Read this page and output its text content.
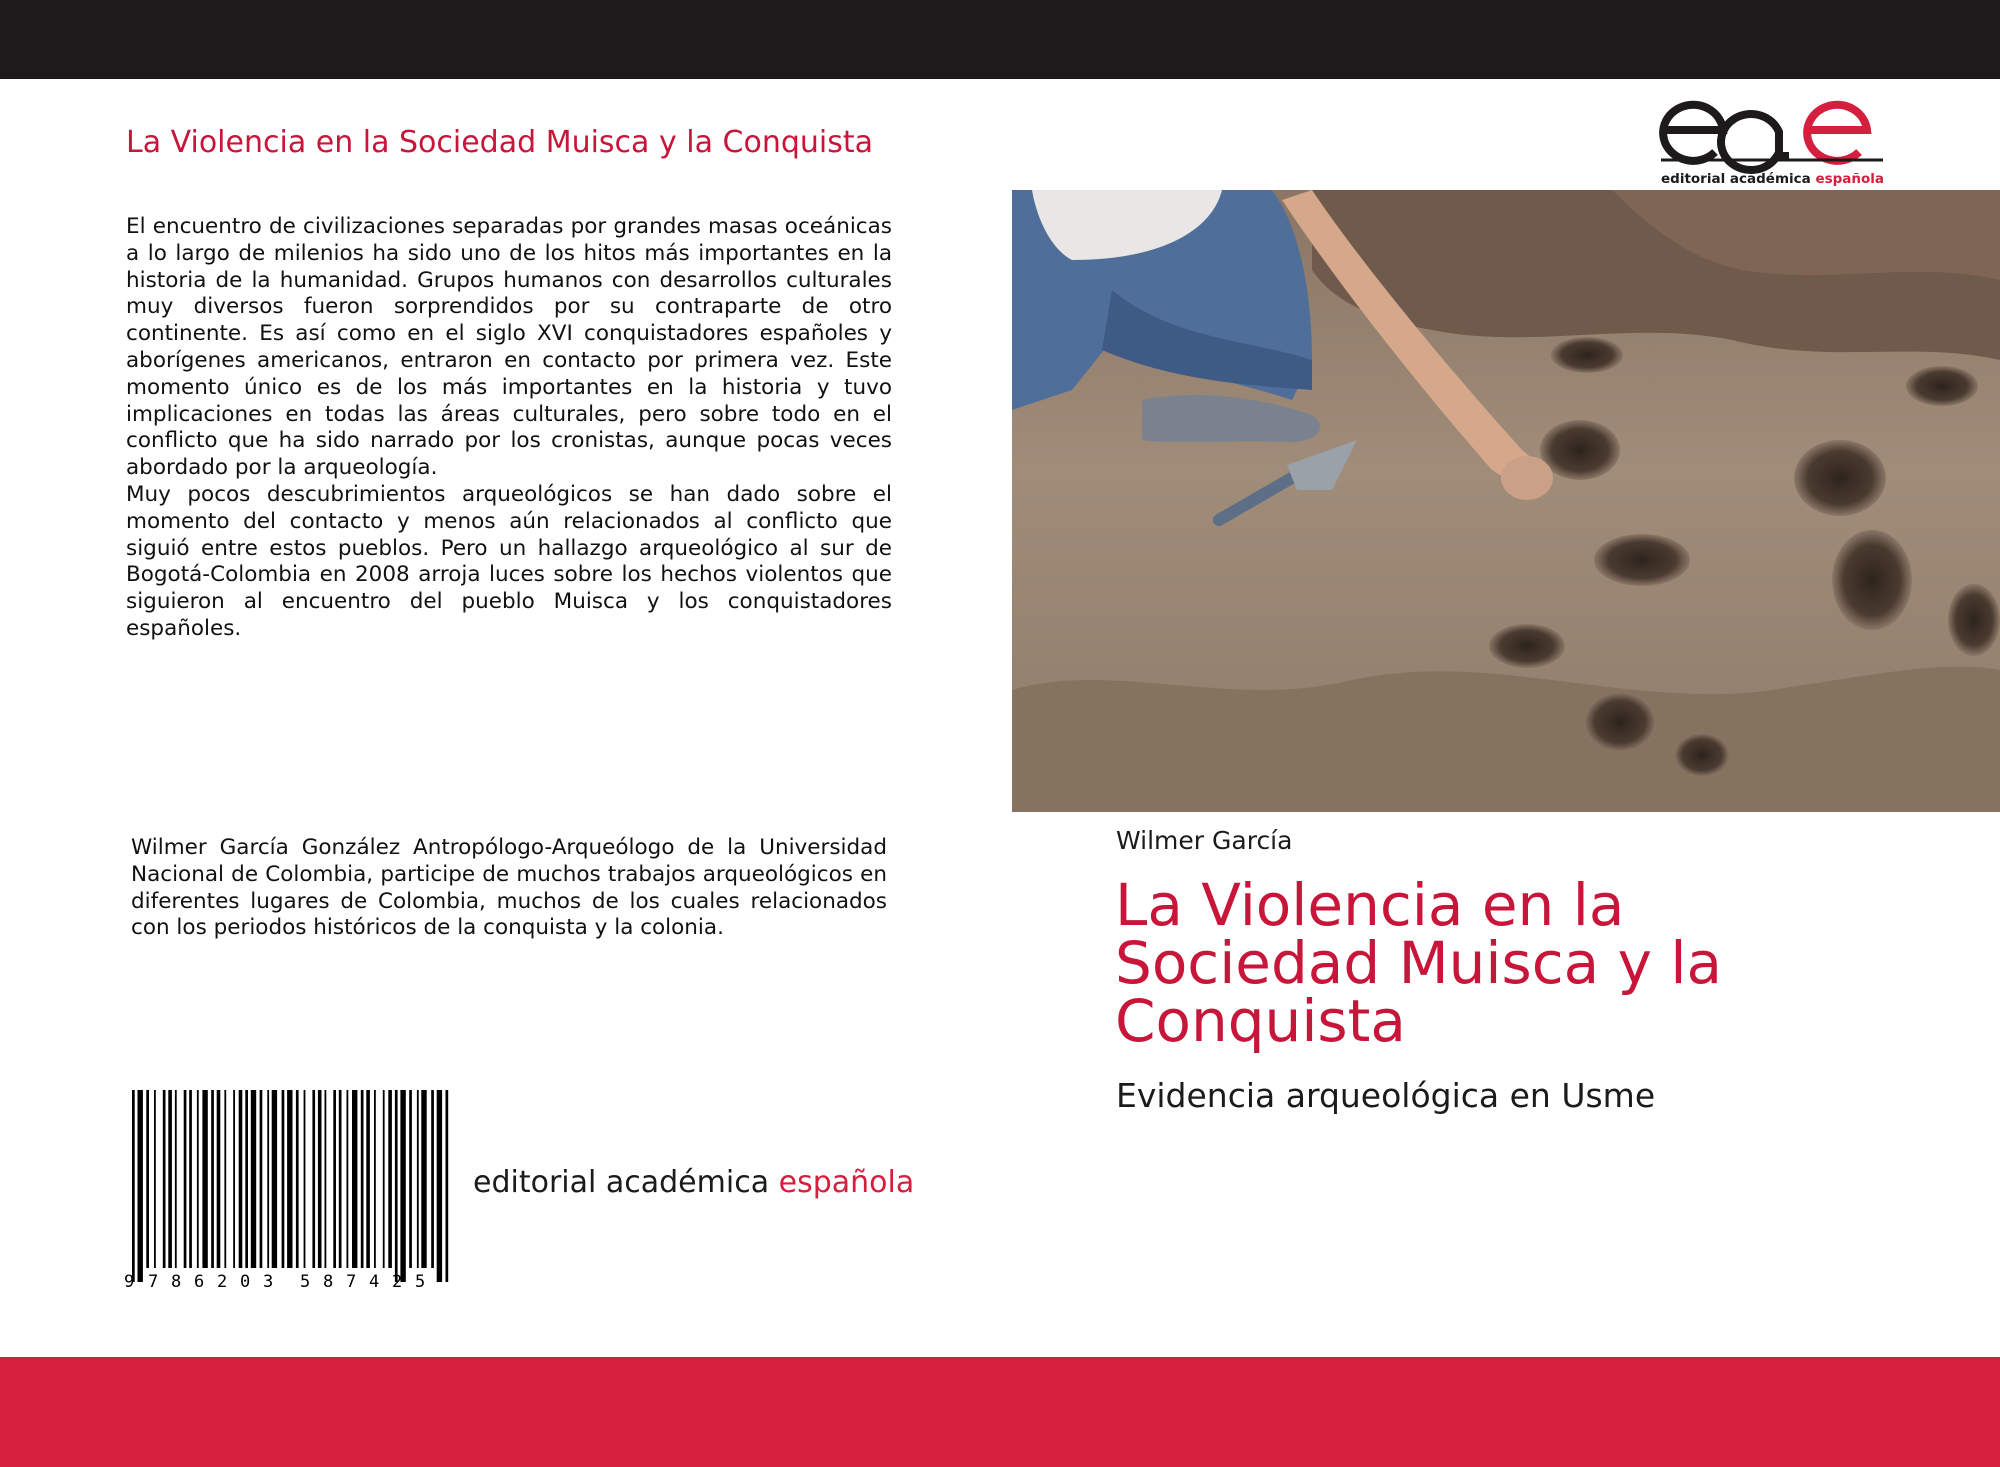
La Violencia en la Sociedad Muisca y la Conquista

El encuentro de civilizaciones separadas por grandes masas oceánicas a lo largo de milenios ha sido uno de los hitos más importantes en la historia de la humanidad. Grupos humanos con desarrollos culturales muy diversos fueron sorprendidos por su contraparte de otro continente. Es así como en el siglo XVI conquistadores españoles y aborígenes americanos, entraron en contacto por primera vez. Este momento único es de los más importantes en la historia y tuvo implicaciones en todas las áreas culturales, pero sobre todo en el conflicto que ha sido narrado por los cronistas, aunque pocas veces abordado por la arqueología.

Muy pocos descubrimientos arqueológicos se han dado sobre el momento del contacto y menos aún relacionados al conflicto que siguió entre estos pueblos. Pero un hallazgo arqueológico al sur de Bogotá-Colombia en 2008 arroja luces sobre los hechos violentos que siguieron al encuentro del pueblo Muisca y los conquistadores españoles.

Wilmer García González Antropólogo-Arqueólogo de la Universidad Nacional de Colombia, participe de muchos trabajos arqueológicos en diferentes lugares de Colombia, muchos de los cuales relacionados con los periodos históricos de la conquista y la colonia.
9 7 8 6 2 0 3 5 8 7 4 2 5
editorial académica española
editorial académica española
Wilmer García
La Violencia en la Sociedad Muisca y la Conquista
Evidencia arqueológica en Usme
